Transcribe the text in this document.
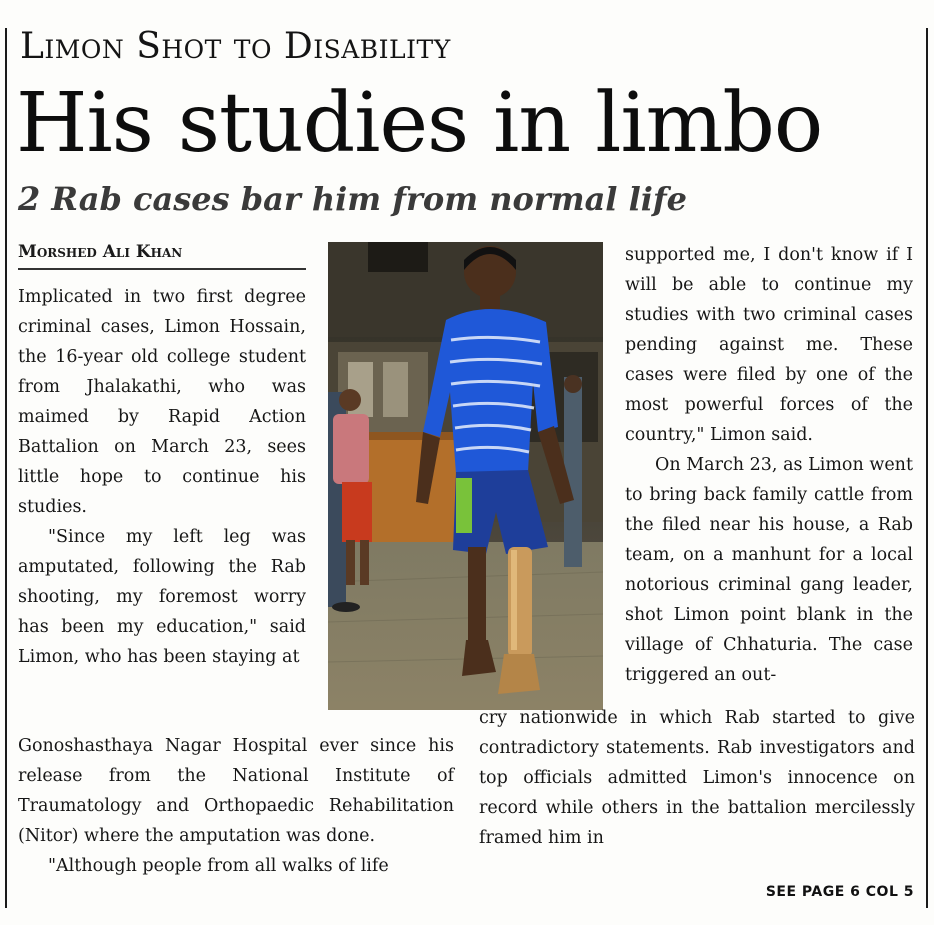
Limon Shot to Disability
His studies in limbo
2 Rab cases bar him from normal life
Morshed Ali Khan

Implicated in two first degree criminal cases, Limon Hossain, the 16-year old college student from Jhalakathi, who was maimed by Rapid Action Battalion on March 23, sees little hope to continue his studies.

"Since my left leg was amputated, following the Rab shooting, my foremost worry has been my education," said Limon, who has been staying at

Gonoshasthaya Nagar Hospital ever since his release from the National Institute of Traumatology and Orthopaedic Rehabilitation (Nitor) where the amputation was done.

"Although people from all walks of life

supported me, I don't know if I will be able to continue my studies with two criminal cases pending against me. These cases were filed by one of the most powerful forces of the country," Limon said.

On March 23, as Limon went to bring back family cattle from the filed near his house, a Rab team, on a manhunt for a local notorious criminal gang leader, shot Limon point blank in the village of Chhaturia. The case triggered an out-

cry nationwide in which Rab started to give contradictory statements. Rab investigators and top officials admitted Limon's innocence on record while others in the battalion mercilessly framed him in

SEE PAGE 6 COL 5
